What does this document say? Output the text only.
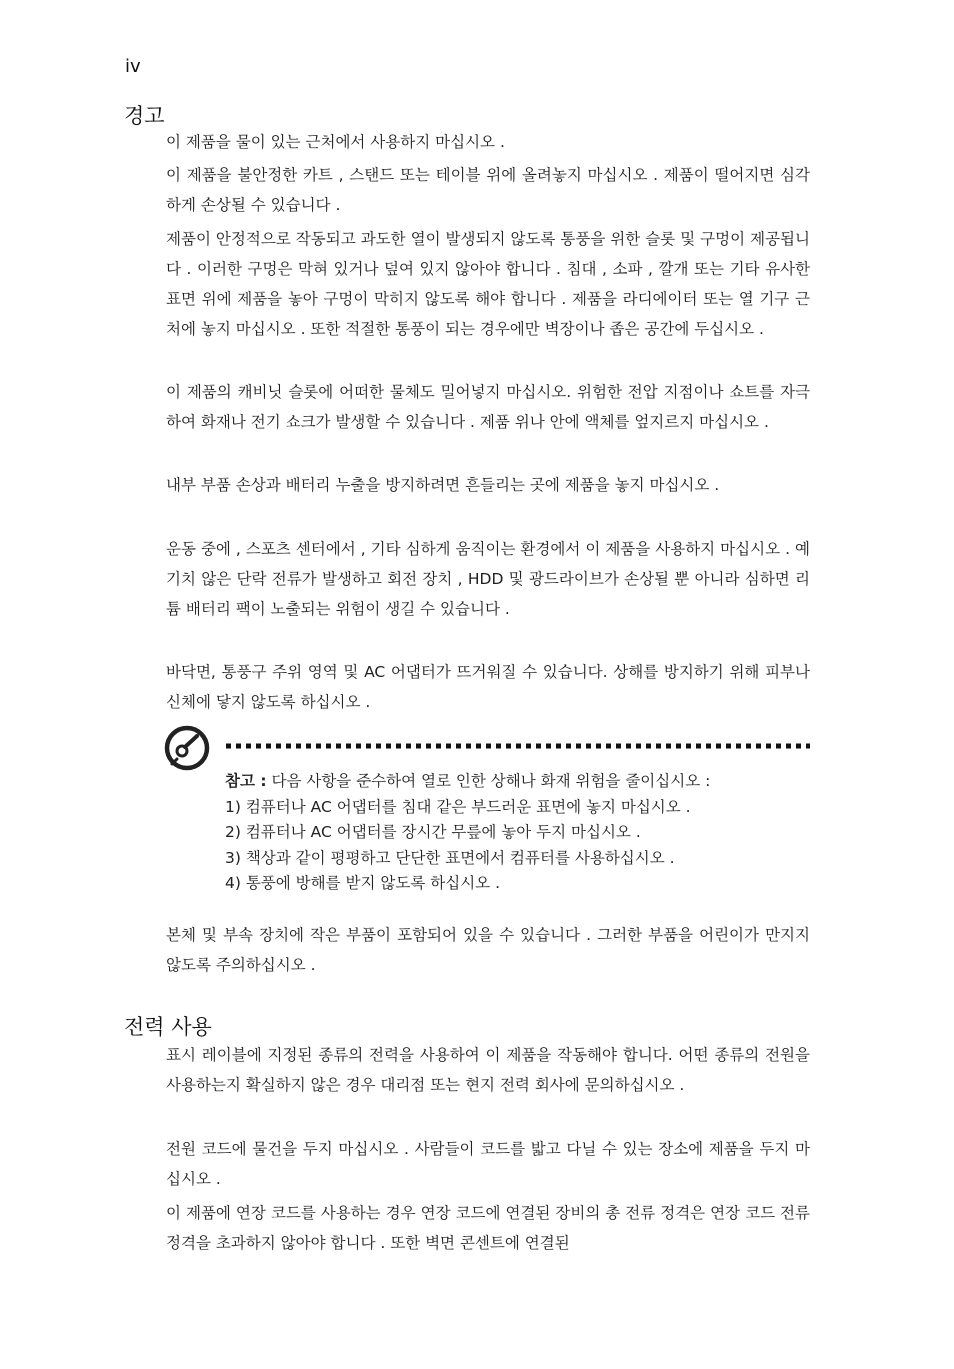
iv
경고

이 제품을 물이 있는 근처에서 사용하지 마십시오 .

이 제품을 불안정한 카트 , 스탠드 또는 테이블 위에 올려놓지 마십시오 . 제품이 떨어지면 심각하게 손상될 수 있습니다 .

제품이 안정적으로 작동되고 과도한 열이 발생되지 않도록 통풍을 위한 슬롯 및 구멍이 제공됩니다 . 이러한 구멍은 막혀 있거나 덮여 있지 않아야 합니다 . 침대 , 소파 , 깔개 또는 기타 유사한 표면 위에 제품을 놓아 구멍이 막히지 않도록 해야 합니다 . 제품을 라디에이터 또는 열 기구 근처에 놓지 마십시오 . 또한 적절한 통풍이 되는 경우에만 벽장이나 좁은 공간에 두십시오 .

이 제품의 캐비닛 슬롯에 어떠한 물체도 밀어넣지 마십시오. 위험한 전압 지점이나 쇼트를 자극하여 화재나 전기 쇼크가 발생할 수 있습니다 . 제품 위나 안에 액체를 엎지르지 마십시오 .

내부 부품 손상과 배터리 누출을 방지하려면 흔들리는 곳에 제품을 놓지 마십시오 .

운동 중에 , 스포츠 센터에서 , 기타 심하게 움직이는 환경에서 이 제품을 사용하지 마십시오 . 예기치 않은 단락 전류가 발생하고 회전 장치 , HDD 및 광드라이브가 손상될 뿐 아니라 심하면 리튬 배터리 팩이 노출되는 위험이 생길 수 있습니다 .

바닥면, 통풍구 주위 영역 및 AC 어댑터가 뜨거워질 수 있습니다. 상해를 방지하기 위해 피부나 신체에 닿지 않도록 하십시오 .

참고 : 다음 사항을 준수하여 열로 인한 상해나 화재 위험을 줄이십시오 :
1) 컴퓨터나 AC 어댑터를 침대 같은 부드러운 표면에 놓지 마십시오 .
2) 컴퓨터나 AC 어댑터를 장시간 무릎에 놓아 두지 마십시오 .
3) 책상과 같이 평평하고 단단한 표면에서 컴퓨터를 사용하십시오 .
4) 통풍에 방해를 받지 않도록 하십시오 .

본체 및 부속 장치에 작은 부품이 포함되어 있을 수 있습니다 . 그러한 부품을 어린이가 만지지 않도록 주의하십시오 .

전력 사용

표시 레이블에 지정된 종류의 전력을 사용하여 이 제품을 작동해야 합니다. 어떤 종류의 전원을 사용하는지 확실하지 않은 경우 대리점 또는 현지 전력 회사에 문의하십시오 .

전원 코드에 물건을 두지 마십시오 . 사람들이 코드를 밟고 다닐 수 있는 장소에 제품을 두지 마십시오 .

이 제품에 연장 코드를 사용하는 경우 연장 코드에 연결된 장비의 총 전류 정격은 연장 코드 전류 정격을 초과하지 않아야 합니다 . 또한 벽면 콘센트에 연결된
